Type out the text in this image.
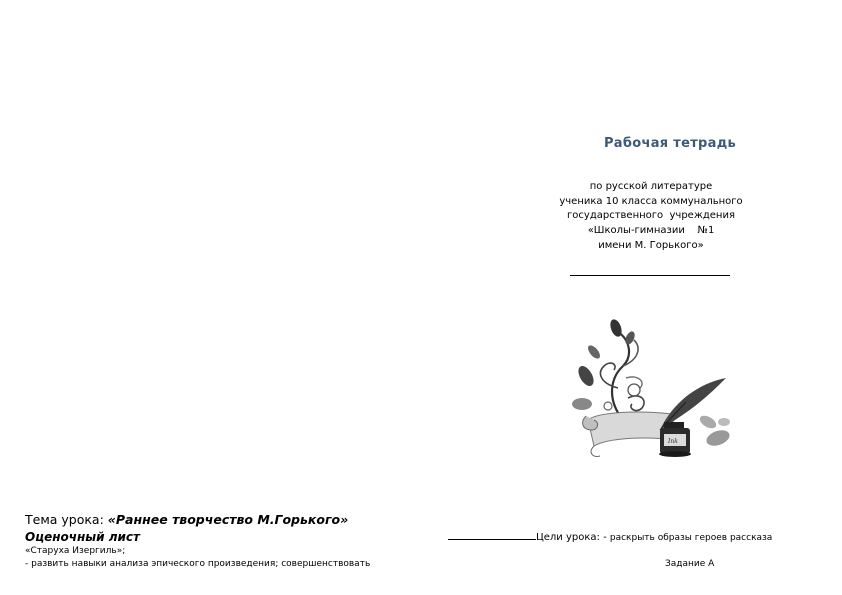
Рабочая тетрадь
по русской литературе
ученика 10 класса коммунального
государственного  учреждения
«Школы-гимназии    №1
имени М. Горького»
Ink
Тема урока: «Раннее творчество М.Горького»
Оценочный лист	Цели урока: - раскрыть образы героев рассказа
«Старуха Изергиль»;
- развить навыки анализа эпического произведения; совершенствовать	Задание А
